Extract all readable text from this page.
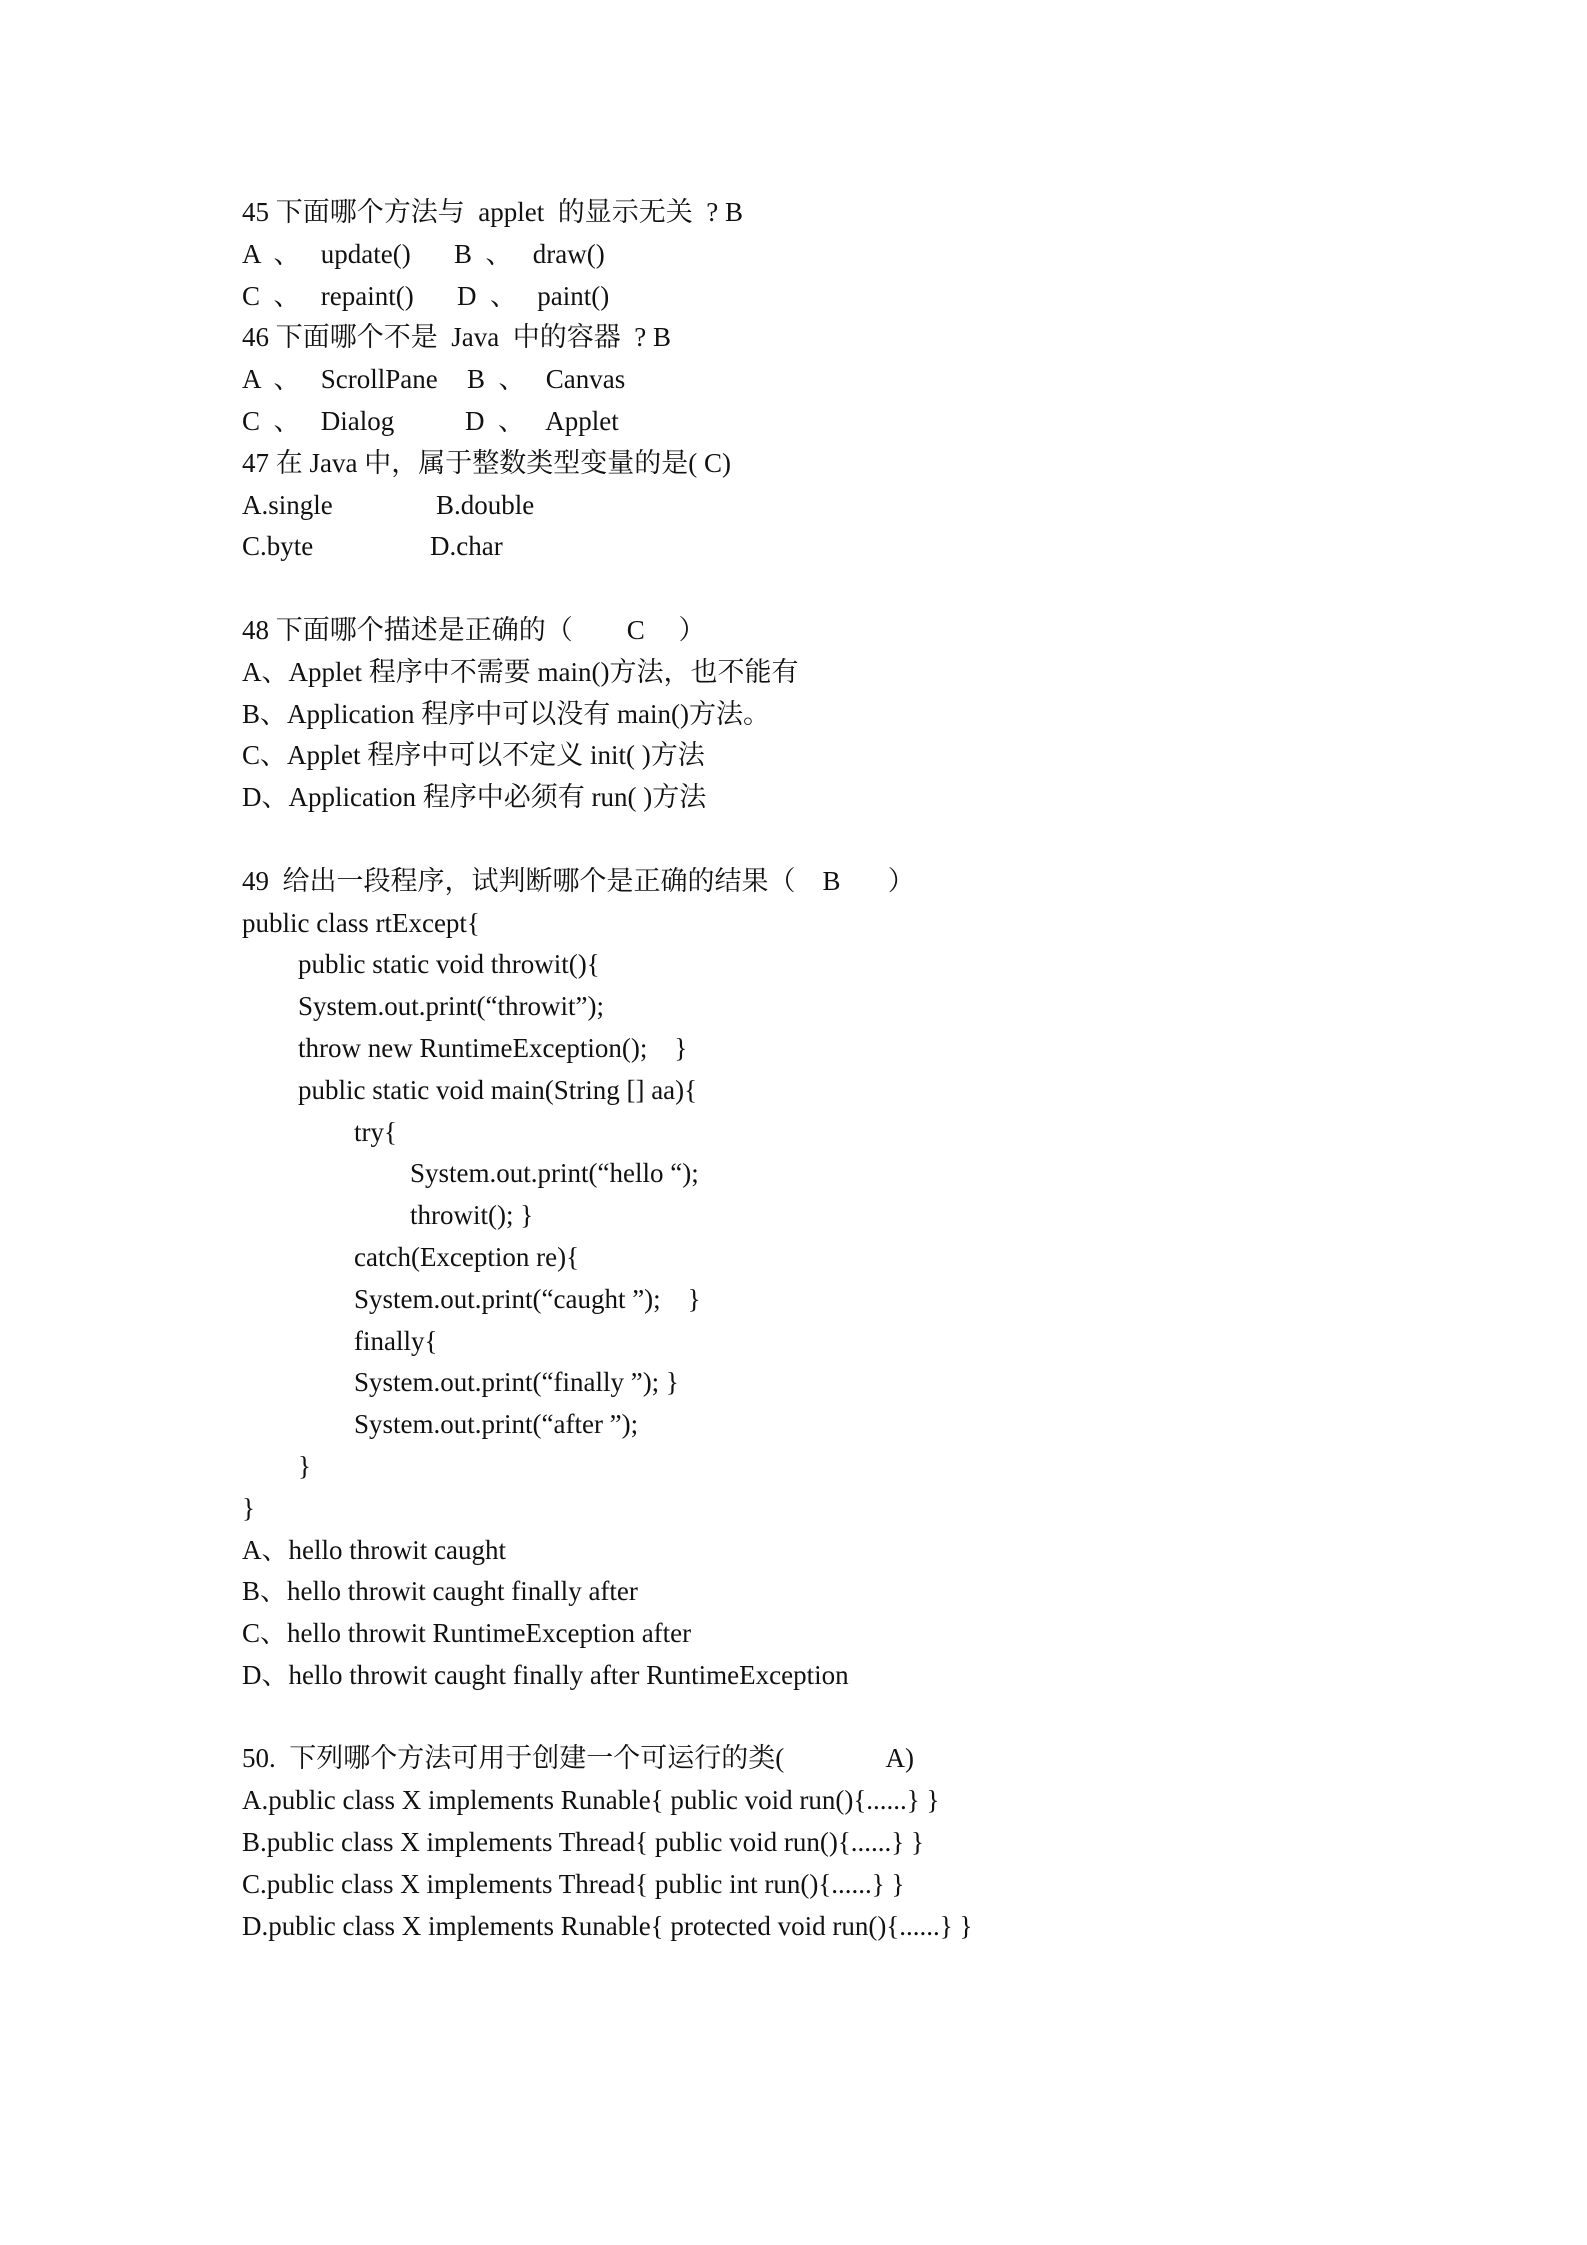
45 下面哪个方法与  applet  的显示无关  ? B
A  、   update() B  、   draw()
C  、   repaint() D  、   paint()
46 下面哪个不是  Java  中的容器  ? B
A  、   ScrollPane B  、   Canvas
C  、   Dialog	D  、   Applet
47 在 Java 中，属于整数类型变量的是( C)
A.single	B.double
C.byte	D.char
48 下面哪个描述是正确的（        C     ）
A、Applet 程序中不需要 main()方法，也不能有
B、Application 程序中可以没有 main()方法。
C、Applet 程序中可以不定义 init( )方法
D、Application 程序中必须有 run( )方法
49  给出一段程序，试判断哪个是正确的结果（    B       ）
public class rtExcept{
public static void throwit(){
System.out.print(“throwit”);
throw new RuntimeException();    }
public static void main(String [] aa){
try{
System.out.print(“hello “);
throwit(); }
catch(Exception re){
System.out.print(“caught ”);    }
finally{
System.out.print(“finally ”); }
System.out.print(“after ”);
}
}
A、hello throwit caught
B、hello throwit caught finally after
C、hello throwit RuntimeException after
D、hello throwit caught finally after RuntimeException
50.  下列哪个方法可用于创建一个可运行的类(               A)
A.public class X implements Runable{ public void run(){......} }
B.public class X implements Thread{ public void run(){......} }
C.public class X implements Thread{ public int run(){......} }
D.public class X implements Runable{ protected void run(){......} }
